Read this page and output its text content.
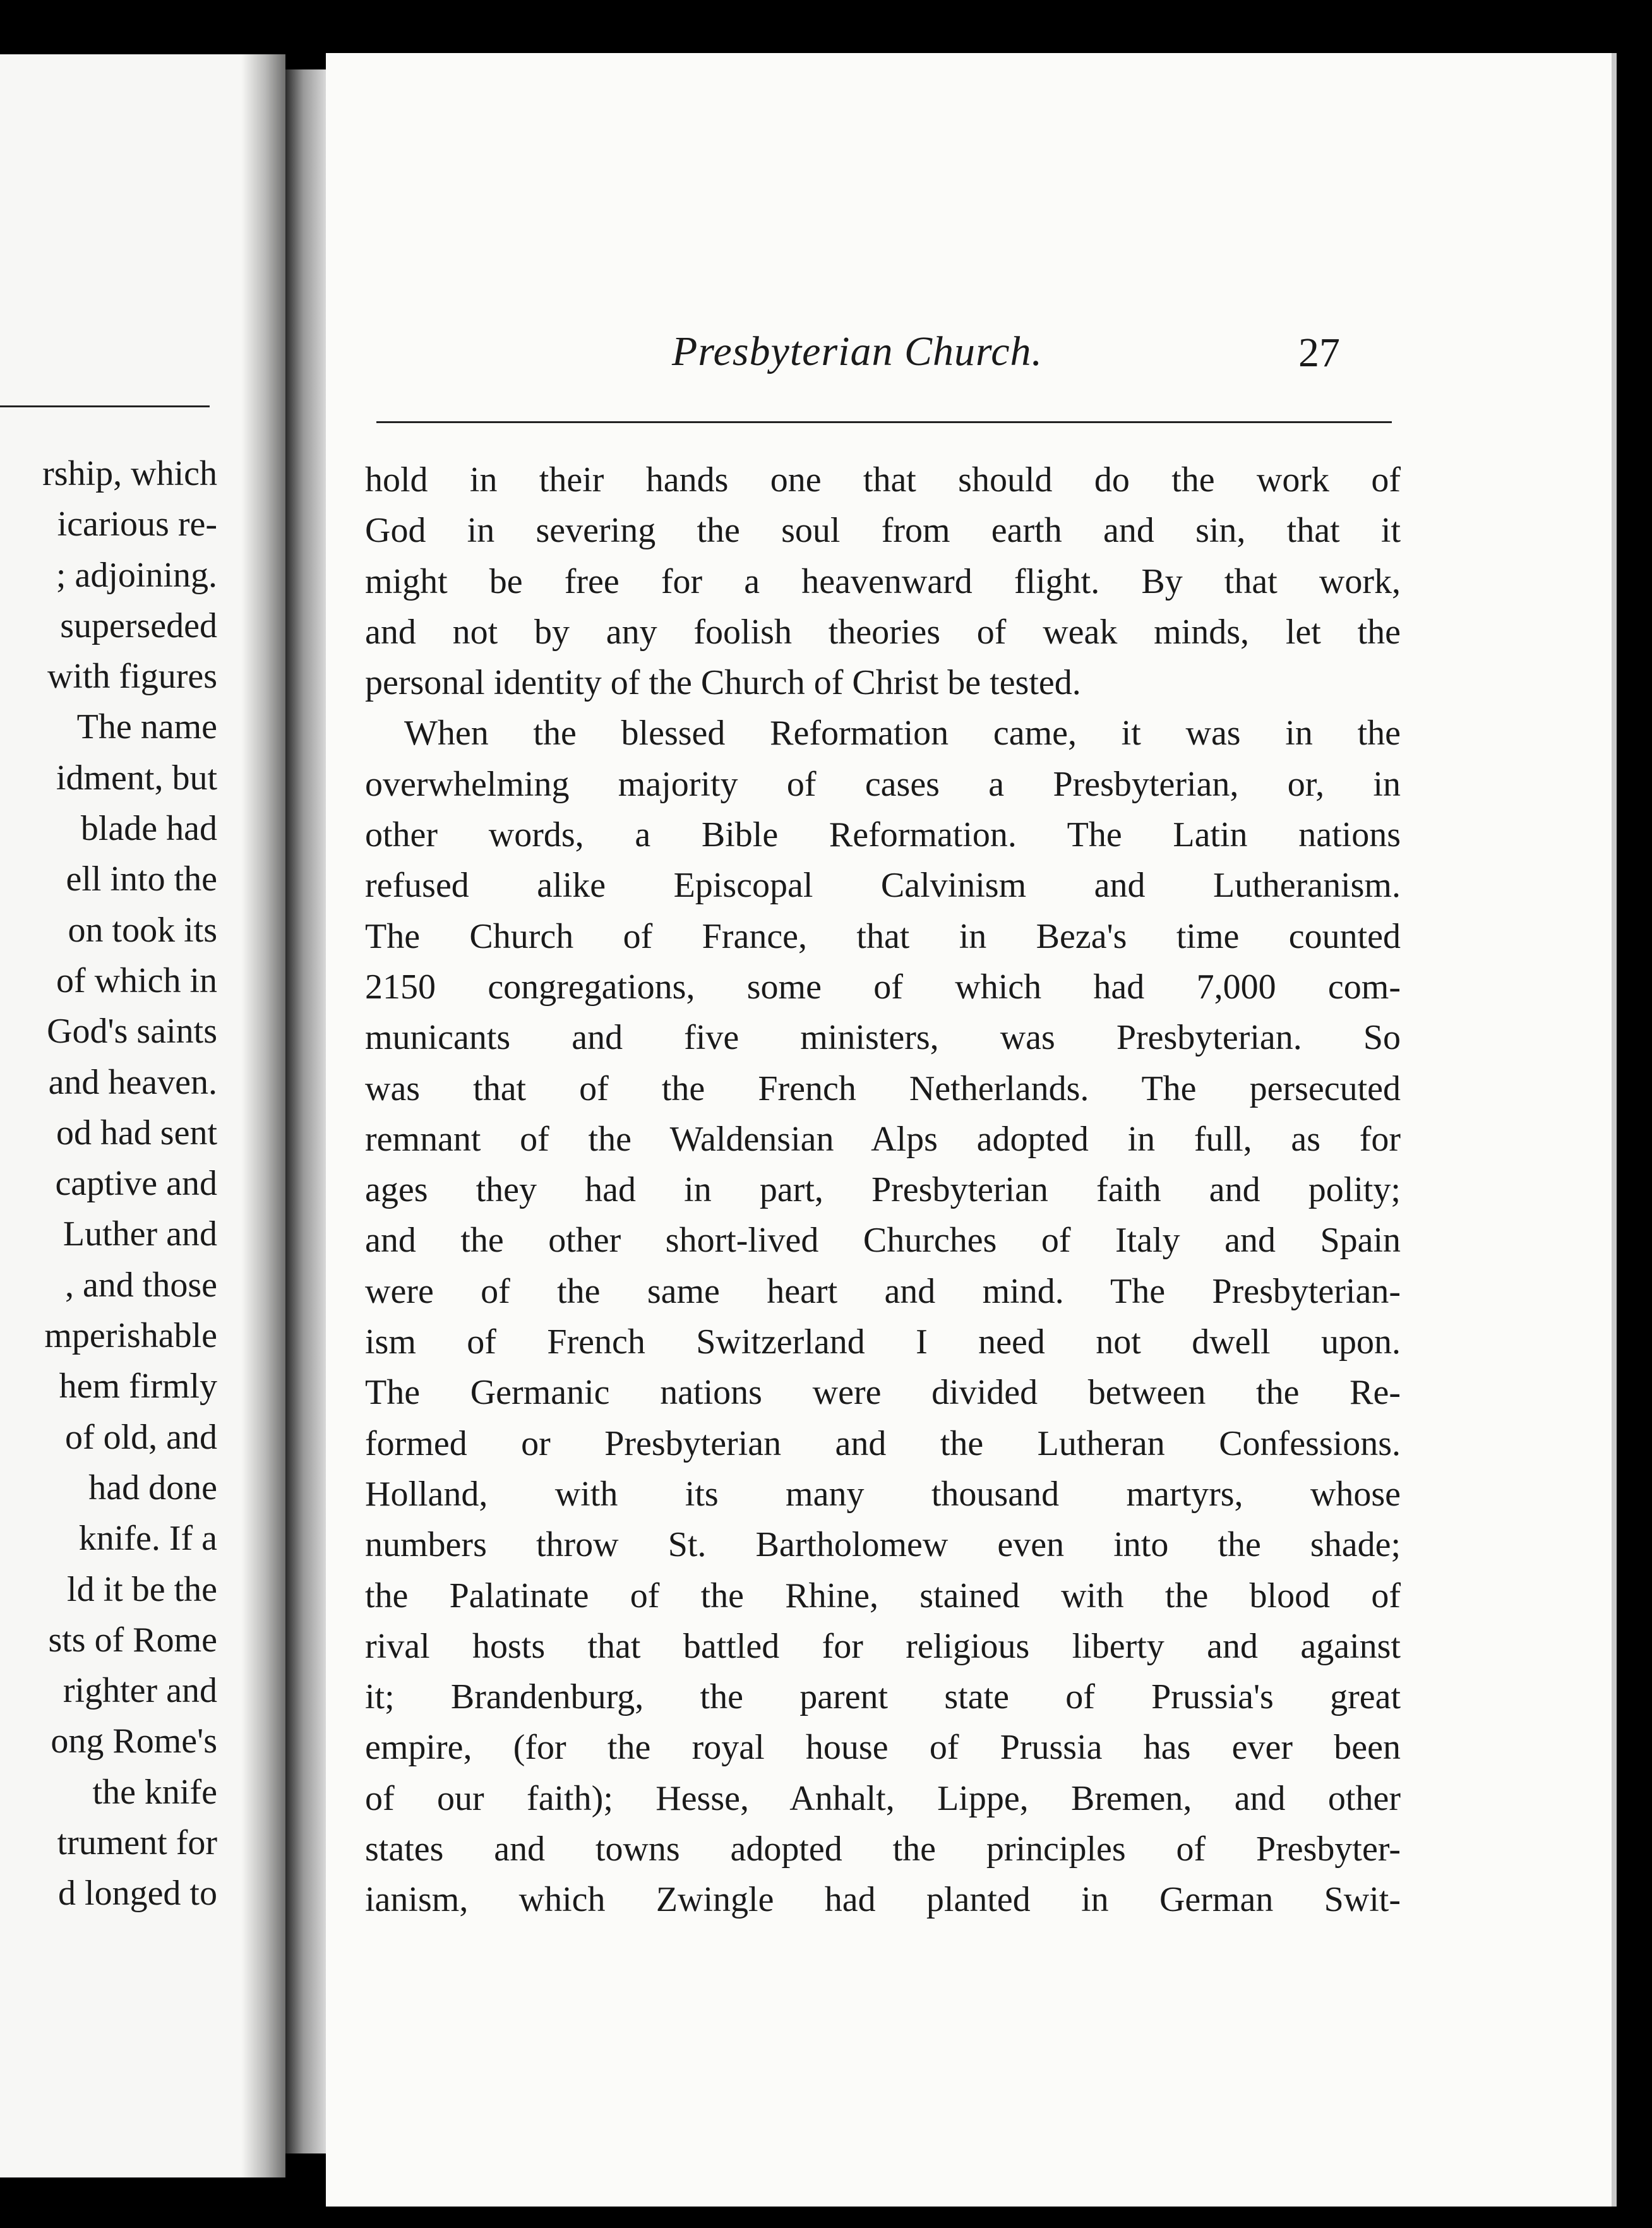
rship, which
icarious re-
; adjoining.
superseded
with figures
The name
idment, but
blade had
ell into the
on took its
of which in
God's saints
and heaven.
od had sent
captive and
Luther and
, and those
mperishable
hem firmly
of old, and
had done
knife. If a
ld it be the
sts of Rome
righter and
ong Rome's
the knife
trument for
d longed to
Presbyterian Church.	27
hold in their hands one that should do the work of
God in severing the soul from earth and sin, that it
might be free for a heavenward flight. By that work,
and not by any foolish theories of weak minds, let the
personal identity of the Church of Christ be tested.
When the blessed Reformation came, it was in the
overwhelming majority of cases a Presbyterian, or, in
other words, a Bible Reformation. The Latin nations
refused alike Episcopal Calvinism and Lutheranism.
The Church of France, that in Beza's time counted
2150 congregations, some of which had 7,000 com-
municants and five ministers, was Presbyterian. So
was that of the French Netherlands. The persecuted
remnant of the Waldensian Alps adopted in full, as for
ages they had in part, Presbyterian faith and polity;
and the other short-lived Churches of Italy and Spain
were of the same heart and mind. The Presbyterian-
ism of French Switzerland I need not dwell upon.
The Germanic nations were divided between the Re-
formed or Presbyterian and the Lutheran Confessions.
Holland, with its many thousand martyrs, whose
numbers throw St. Bartholomew even into the shade;
the Palatinate of the Rhine, stained with the blood of
rival hosts that battled for religious liberty and against
it; Brandenburg, the parent state of Prussia's great
empire, (for the royal house of Prussia has ever been
of our faith); Hesse, Anhalt, Lippe, Bremen, and other
states and towns adopted the principles of Presbyter-
ianism, which Zwingle had planted in German Swit-
